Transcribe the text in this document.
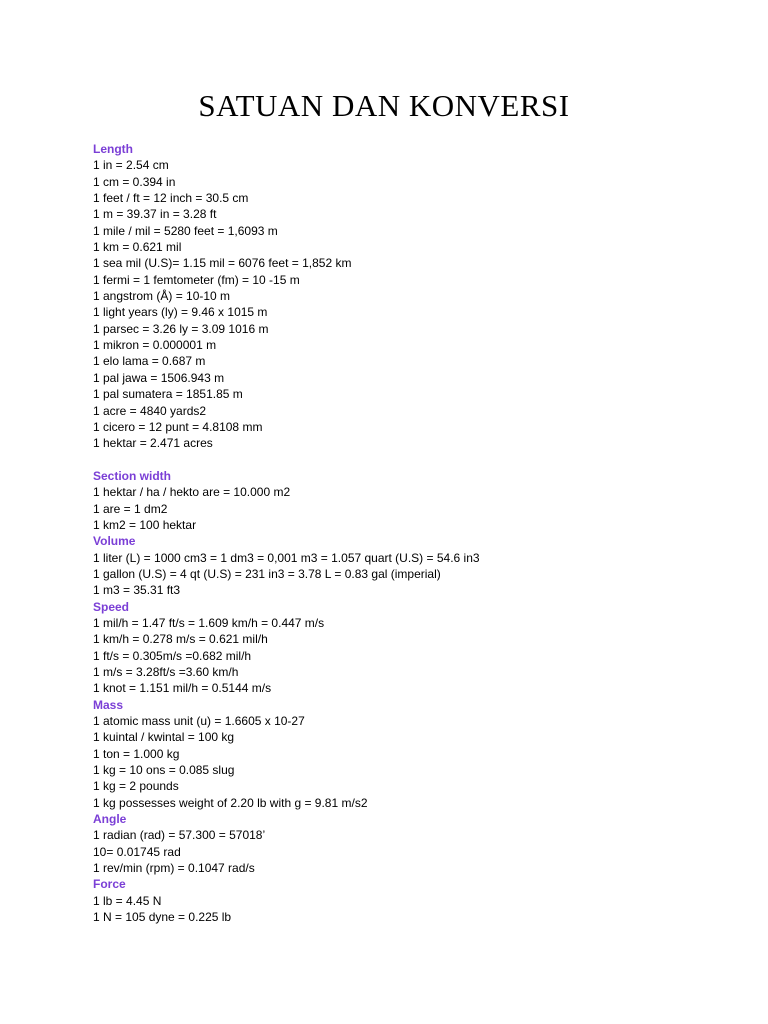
SATUAN DAN KONVERSI

Length

1 in = 2.54 cm

1 cm = 0.394 in

1 feet / ft = 12 inch = 30.5 cm

1 m = 39.37 in = 3.28 ft

1 mile / mil = 5280 feet = 1,6093 m

1 km = 0.621 mil

1 sea mil (U.S)= 1.15 mil = 6076 feet = 1,852 km

1 fermi = 1 femtometer (fm) = 10 -15 m

1 angstrom (Å) = 10-10 m

1 light years (ly) = 9.46 x 1015 m

1 parsec = 3.26 ly = 3.09 1016 m

1 mikron = 0.000001 m

1 elo lama = 0.687 m

1 pal jawa = 1506.943 m

1 pal sumatera = 1851.85 m

1 acre = 4840 yards2

1 cicero = 12 punt = 4.8108 mm

1 hektar = 2.471 acres

Section width

1 hektar / ha / hekto are = 10.000 m2

1 are = 1 dm2

1 km2 = 100 hektar

Volume

1 liter (L) = 1000 cm3 = 1 dm3 = 0,001 m3 = 1.057 quart (U.S) = 54.6 in3

1 gallon (U.S) = 4 qt (U.S) = 231 in3 = 3.78 L = 0.83 gal (imperial)

1 m3 = 35.31 ft3

Speed

1 mil/h = 1.47 ft/s = 1.609 km/h = 0.447 m/s

1 km/h = 0.278 m/s = 0.621 mil/h

1 ft/s = 0.305m/s =0.682 mil/h

1 m/s = 3.28ft/s =3.60 km/h

1 knot = 1.151 mil/h = 0.5144 m/s

Mass

1 atomic mass unit (u) = 1.6605 x 10-27

1 kuintal / kwintal = 100 kg

1 ton = 1.000 kg

1 kg = 10 ons = 0.085 slug

1 kg = 2 pounds

1 kg possesses weight of 2.20 lb with g = 9.81 m/s2

Angle

1 radian (rad) = 57.300 = 57018’

10= 0.01745 rad

1 rev/min (rpm) = 0.1047 rad/s

Force

1 lb = 4.45 N

1 N = 105 dyne = 0.225 lb
